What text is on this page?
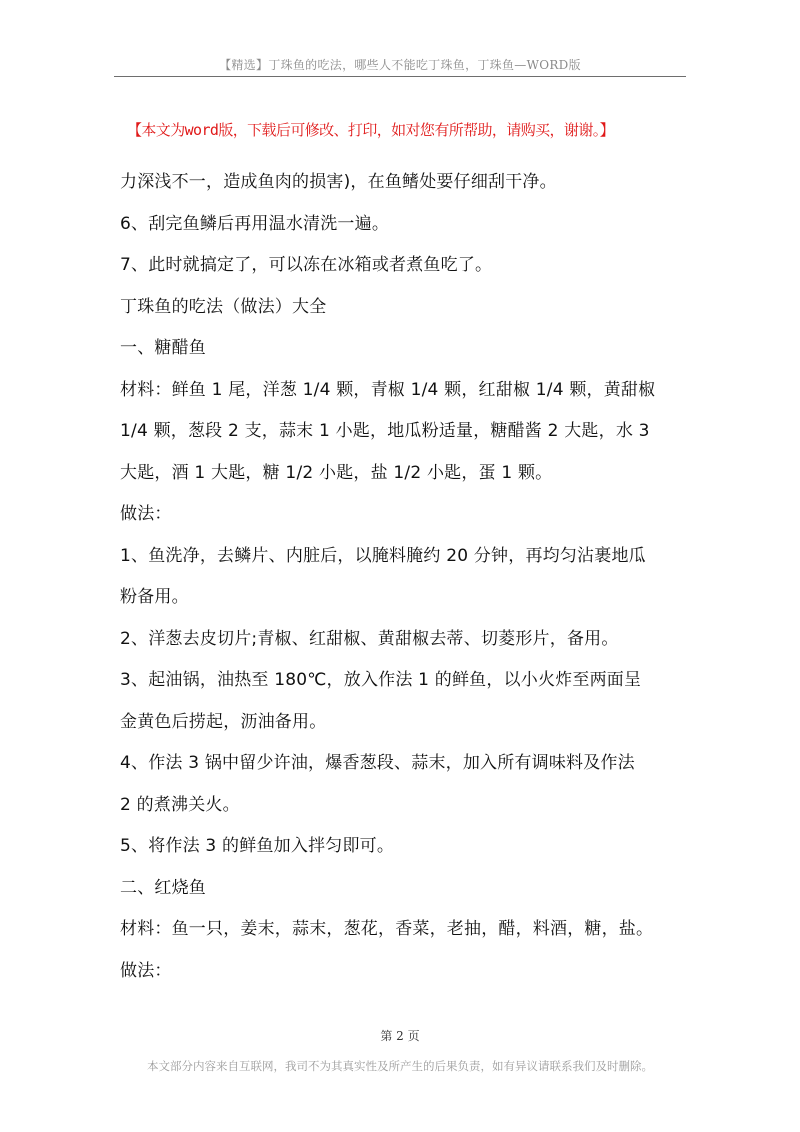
【精选】丁珠鱼的吃法，哪些人不能吃丁珠鱼，丁珠鱼—WORD版
【本文为word版，下载后可修改、打印，如对您有所帮助，请购买，谢谢。】
力深浅不一，造成鱼肉的损害)，在鱼鳍处要仔细刮干净。
6、刮完鱼鳞后再用温水清洗一遍。
7、此时就搞定了，可以冻在冰箱或者煮鱼吃了。
丁珠鱼的吃法（做法）大全
一、糖醋鱼
材料：鲜鱼 1 尾，洋葱 1/4 颗，青椒 1/4 颗，红甜椒 1/4 颗，黄甜椒
1/4 颗，葱段 2 支，蒜末 1 小匙，地瓜粉适量，糖醋酱 2 大匙，水 3
大匙，酒 1 大匙，糖 1/2 小匙，盐 1/2 小匙，蛋 1 颗。
做法：
1、鱼洗净，去鳞片、内脏后，以腌料腌约 20 分钟，再均匀沾裹地瓜
粉备用。
2、洋葱去皮切片;青椒、红甜椒、黄甜椒去蒂、切菱形片，备用。
3、起油锅，油热至 180℃，放入作法 1 的鲜鱼，以小火炸至两面呈
金黄色后捞起，沥油备用。
4、作法 3 锅中留少许油，爆香葱段、蒜末，加入所有调味料及作法
2 的煮沸关火。
5、将作法 3 的鲜鱼加入拌匀即可。
二、红烧鱼
材料：鱼一只，姜末，蒜末，葱花，香菜，老抽，醋，料酒，糖，盐。
做法：
第 2 页
本文部分内容来自互联网，我司不为其真实性及所产生的后果负责，如有异议请联系我们及时删除。
